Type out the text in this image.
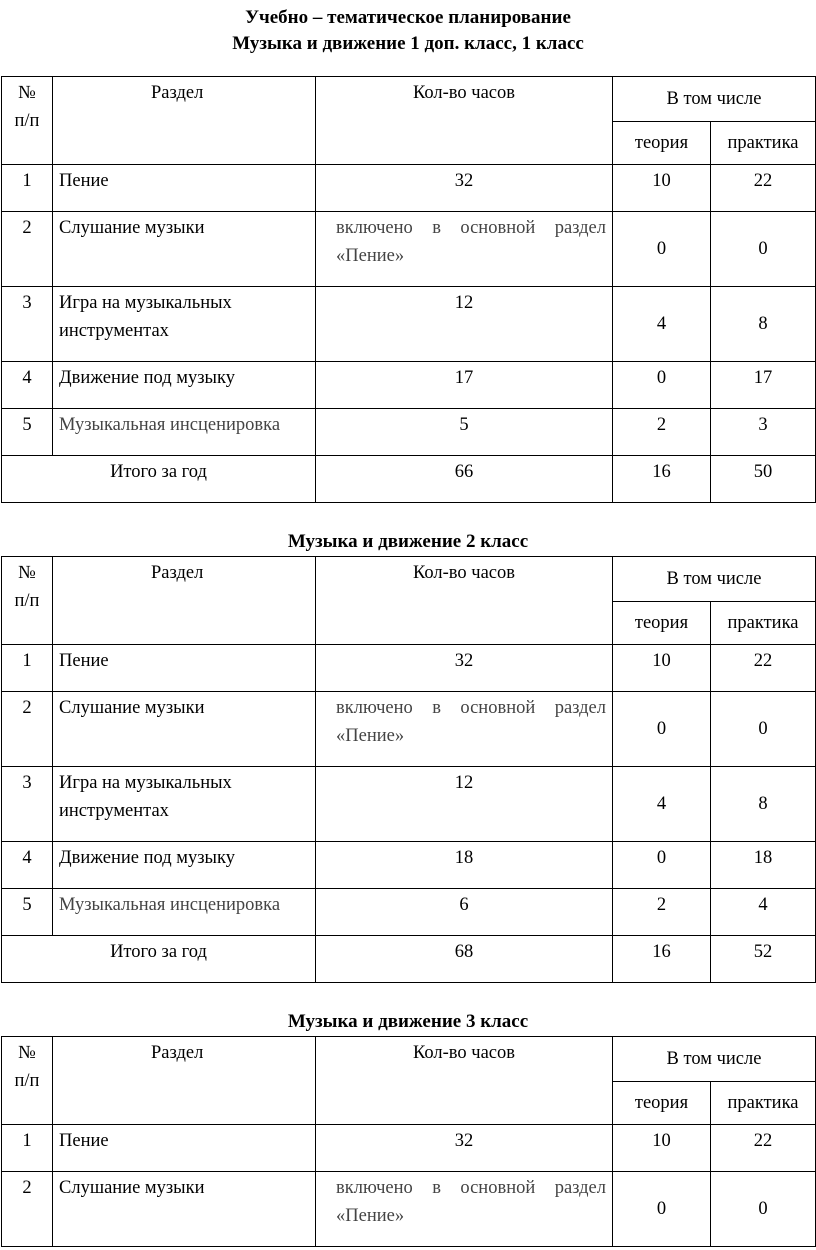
Учебно – тематическое планирование
Музыка и движение 1 доп. класс, 1 класс
№
п/п	Раздел	Кол-во часов	В том числе	
			теория	практика
1	Пение	32	10	22
2	Слушание музыки	включено в основной раздел «Пение»	0	0
3	Игра на музыкальных инструментах	12	4	8
4	Движение под музыку	17	0	17
5	Музыкальная инсценировка	5	2	3
Итого за год		66	16	50
Музыка и движение 2 класс
№
п/п	Раздел	Кол-во часов	В том числе	
			теория	практика
1	Пение	32	10	22
2	Слушание музыки	включено в основной раздел «Пение»	0	0
3	Игра на музыкальных инструментах	12	4	8
4	Движение под музыку	18	0	18
5	Музыкальная инсценировка	6	2	4
Итого за год		68	16	52
Музыка и движение 3 класс
№
п/п	Раздел	Кол-во часов	В том числе	
			теория	практика
1	Пение	32	10	22
2	Слушание музыки	включено в основной раздел «Пение»	0	0
